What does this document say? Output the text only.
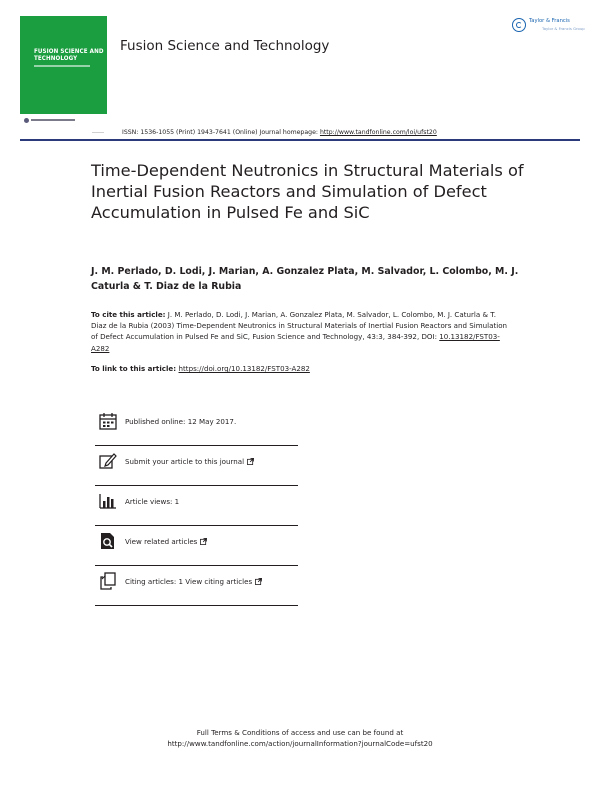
FUSION SCIENCE AND TECHNOLOGY
Fusion Science and Technology
Taylor & Francis
Taylor & Francis Group
ISSN: 1536-1055 (Print) 1943-7641 (Online) Journal homepage: http://www.tandfonline.com/loi/ufst20
Time-Dependent Neutronics in Structural Materials of Inertial Fusion Reactors and Simulation of Defect Accumulation in Pulsed Fe and SiC
J. M. Perlado, D. Lodi, J. Marian, A. Gonzalez Plata, M. Salvador, L. Colombo, M. J. Caturla & T. Diaz de la Rubia
To cite this article: J. M. Perlado, D. Lodi, J. Marian, A. Gonzalez Plata, M. Salvador, L. Colombo, M. J. Caturla & T. Diaz de la Rubia (2003) Time-Dependent Neutronics in Structural Materials of Inertial Fusion Reactors and Simulation of Defect Accumulation in Pulsed Fe and SiC, Fusion Science and Technology, 43:3, 384-392, DOI: 10.13182/FST03-A282
To link to this article: https://doi.org/10.13182/FST03-A282
Published online: 12 May 2017.
Submit your article to this journal
Article views: 1
View related articles
Citing articles: 1 View citing articles
Full Terms & Conditions of access and use can be found at
http://www.tandfonline.com/action/journalInformation?journalCode=ufst20
